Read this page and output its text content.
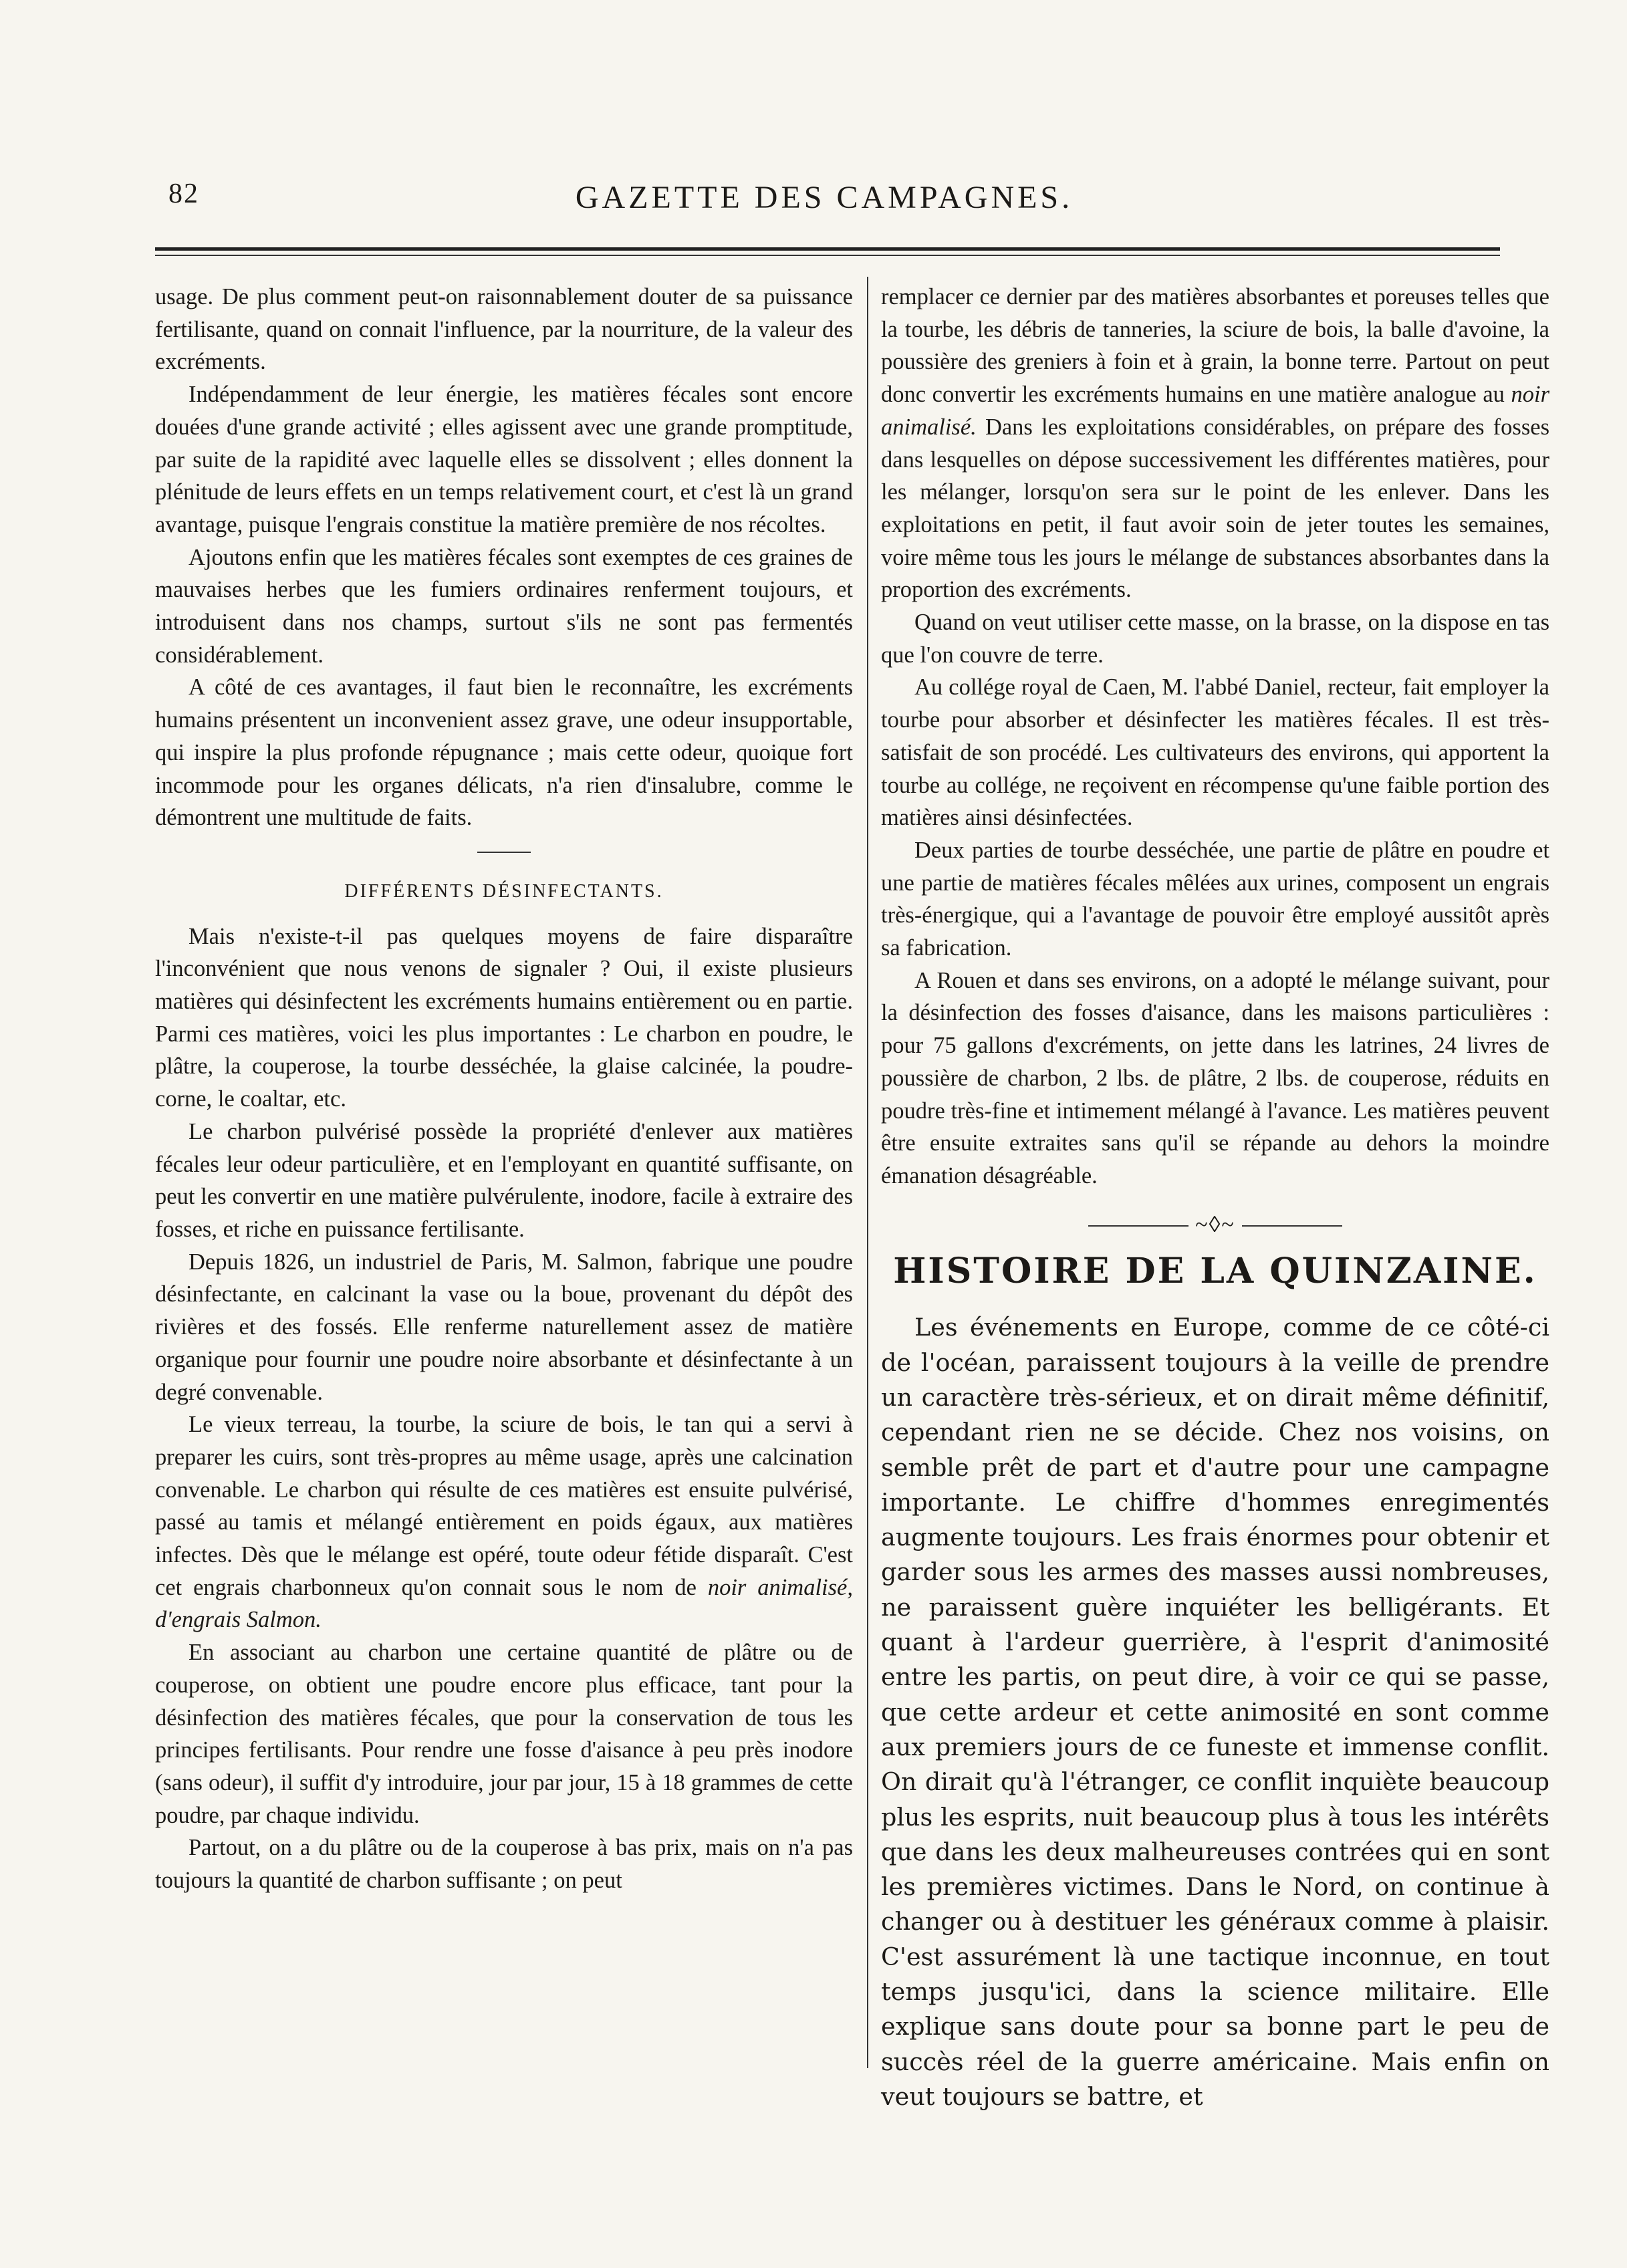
82	GAZETTE DES CAMPAGNES.

usage. De plus comment peut-on raisonnablement douter de sa puissance fertilisante, quand on connait l'influence, par la nourriture, de la valeur des excréments.

Indépendamment de leur énergie, les matières fécales sont encore douées d'une grande activité ; elles agissent avec une grande promptitude, par suite de la rapidité avec laquelle elles se dissolvent ; elles donnent la plénitude de leurs effets en un temps relativement court, et c'est là un grand avantage, puisque l'engrais constitue la matière première de nos récoltes.

Ajoutons enfin que les matières fécales sont exemptes de ces graines de mauvaises herbes que les fumiers ordinaires renferment toujours, et introduisent dans nos champs, surtout s'ils ne sont pas fermentés considérablement.

A côté de ces avantages, il faut bien le reconnaître, les excréments humains présentent un inconvenient assez grave, une odeur insupportable, qui inspire la plus profonde répugnance ; mais cette odeur, quoique fort incommode pour les organes délicats, n'a rien d'insalubre, comme le démontrent une multitude de faits.

DIFFÉRENTS DÉSINFECTANTS.

Mais n'existe-t-il pas quelques moyens de faire disparaître l'inconvénient que nous venons de signaler ? Oui, il existe plusieurs matières qui désinfectent les excréments humains entièrement ou en partie. Parmi ces matières, voici les plus importantes : Le charbon en poudre, le plâtre, la couperose, la tourbe desséchée, la glaise calcinée, la poudre-corne, le coaltar, etc.

Le charbon pulvérisé possède la propriété d'enlever aux matières fécales leur odeur particulière, et en l'employant en quantité suffisante, on peut les convertir en une matière pulvérulente, inodore, facile à extraire des fosses, et riche en puissance fertilisante.

Depuis 1826, un industriel de Paris, M. Salmon, fabrique une poudre désinfectante, en calcinant la vase ou la boue, provenant du dépôt des rivières et des fossés. Elle renferme naturellement assez de matière organique pour fournir une poudre noire absorbante et désinfectante à un degré convenable.

Le vieux terreau, la tourbe, la sciure de bois, le tan qui a servi à preparer les cuirs, sont très-propres au même usage, après une calcination convenable. Le charbon qui résulte de ces matières est ensuite pulvérisé, passé au tamis et mélangé entièrement en poids égaux, aux matières infectes. Dès que le mélange est opéré, toute odeur fétide disparaît. C'est cet engrais charbonneux qu'on connait sous le nom de noir animalisé, d'engrais Salmon.

En associant au charbon une certaine quantité de plâtre ou de couperose, on obtient une poudre encore plus efficace, tant pour la désinfection des matières fécales, que pour la conservation de tous les principes fertilisants. Pour rendre une fosse d'aisance à peu près inodore (sans odeur), il suffit d'y introduire, jour par jour, 15 à 18 grammes de cette poudre, par chaque individu.

Partout, on a du plâtre ou de la couperose à bas prix, mais on n'a pas toujours la quantité de charbon suffisante ; on peut

remplacer ce dernier par des matières absorbantes et poreuses telles que la tourbe, les débris de tanneries, la sciure de bois, la balle d'avoine, la poussière des greniers à foin et à grain, la bonne terre. Partout on peut donc convertir les excréments humains en une matière analogue au noir animalisé. Dans les exploitations considérables, on prépare des fosses dans lesquelles on dépose successivement les différentes matières, pour les mélanger, lorsqu'on sera sur le point de les enlever. Dans les exploitations en petit, il faut avoir soin de jeter toutes les semaines, voire même tous les jours le mélange de substances absorbantes dans la proportion des excréments.

Quand on veut utiliser cette masse, on la brasse, on la dispose en tas que l'on couvre de terre.

Au collége royal de Caen, M. l'abbé Daniel, recteur, fait employer la tourbe pour absorber et désinfecter les matières fécales. Il est très-satisfait de son procédé. Les cultivateurs des environs, qui apportent la tourbe au collége, ne reçoivent en récompense qu'une faible portion des matières ainsi désinfectées.

Deux parties de tourbe desséchée, une partie de plâtre en poudre et une partie de matières fécales mêlées aux urines, composent un engrais très-énergique, qui a l'avantage de pouvoir être employé aussitôt après sa fabrication.

A Rouen et dans ses environs, on a adopté le mélange suivant, pour la désinfection des fosses d'aisance, dans les maisons particulières : pour 75 gallons d'excréments, on jette dans les latrines, 24 livres de poussière de charbon, 2 lbs. de plâtre, 2 lbs. de couperose, réduits en poudre très-fine et intimement mélangé à l'avance. Les matières peuvent être ensuite extraites sans qu'il se répande au dehors la moindre émanation désagréable.

~◊~
HISTOIRE DE LA QUINZAINE.

Les événements en Europe, comme de ce côté-ci de l'océan, paraissent toujours à la veille de prendre un caractère très-sérieux, et on dirait même définitif, cependant rien ne se décide. Chez nos voisins, on semble prêt de part et d'autre pour une campagne importante. Le chiffre d'hommes enregimentés augmente toujours. Les frais énormes pour obtenir et garder sous les armes des masses aussi nombreuses, ne paraissent guère inquiéter les belligérants. Et quant à l'ardeur guerrière, à l'esprit d'animosité entre les partis, on peut dire, à voir ce qui se passe, que cette ardeur et cette animosité en sont comme aux premiers jours de ce funeste et immense conflit. On dirait qu'à l'étranger, ce conflit inquiète beaucoup plus les esprits, nuit beaucoup plus à tous les intérêts que dans les deux malheureuses contrées qui en sont les premières victimes. Dans le Nord, on continue à changer ou à destituer les généraux comme à plaisir. C'est assurément là une tactique inconnue, en tout temps jusqu'ici, dans la science militaire. Elle explique sans doute pour sa bonne part le peu de succès réel de la guerre américaine. Mais enfin on veut toujours se battre, et
